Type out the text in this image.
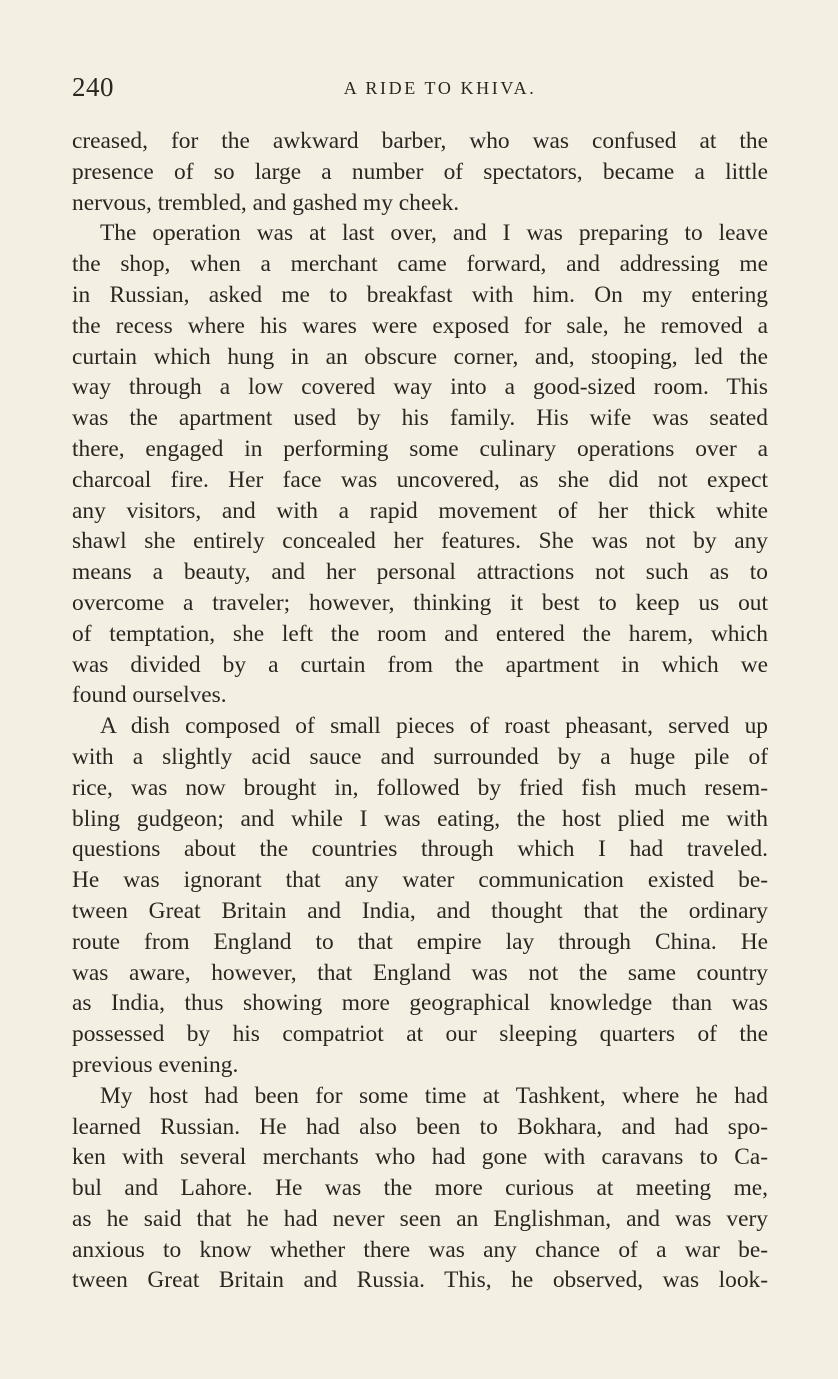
240	A RIDE TO KHIVA.
creased, for the awkward barber, who was confused at the
presence of so large a number of spectators, became a little
nervous, trembled, and gashed my cheek.
The operation was at last over, and I was preparing to leave
the shop, when a merchant came forward, and addressing me
in Russian, asked me to breakfast with him. On my entering
the recess where his wares were exposed for sale, he removed a
curtain which hung in an obscure corner, and, stooping, led the
way through a low covered way into a good-sized room. This
was the apartment used by his family. His wife was seated
there, engaged in performing some culinary operations over a
charcoal fire. Her face was uncovered, as she did not expect
any visitors, and with a rapid movement of her thick white
shawl she entirely concealed her features. She was not by any
means a beauty, and her personal attractions not such as to
overcome a traveler; however, thinking it best to keep us out
of temptation, she left the room and entered the harem, which
was divided by a curtain from the apartment in which we
found ourselves.
A dish composed of small pieces of roast pheasant, served up
with a slightly acid sauce and surrounded by a huge pile of
rice, was now brought in, followed by fried fish much resem-
bling gudgeon; and while I was eating, the host plied me with
questions about the countries through which I had traveled.
He was ignorant that any water communication existed be-
tween Great Britain and India, and thought that the ordinary
route from England to that empire lay through China. He
was aware, however, that England was not the same country
as India, thus showing more geographical knowledge than was
possessed by his compatriot at our sleeping quarters of the
previous evening.
My host had been for some time at Tashkent, where he had
learned Russian. He had also been to Bokhara, and had spo-
ken with several merchants who had gone with caravans to Ca-
bul and Lahore. He was the more curious at meeting me,
as he said that he had never seen an Englishman, and was very
anxious to know whether there was any chance of a war be-
tween Great Britain and Russia. This, he observed, was look-
